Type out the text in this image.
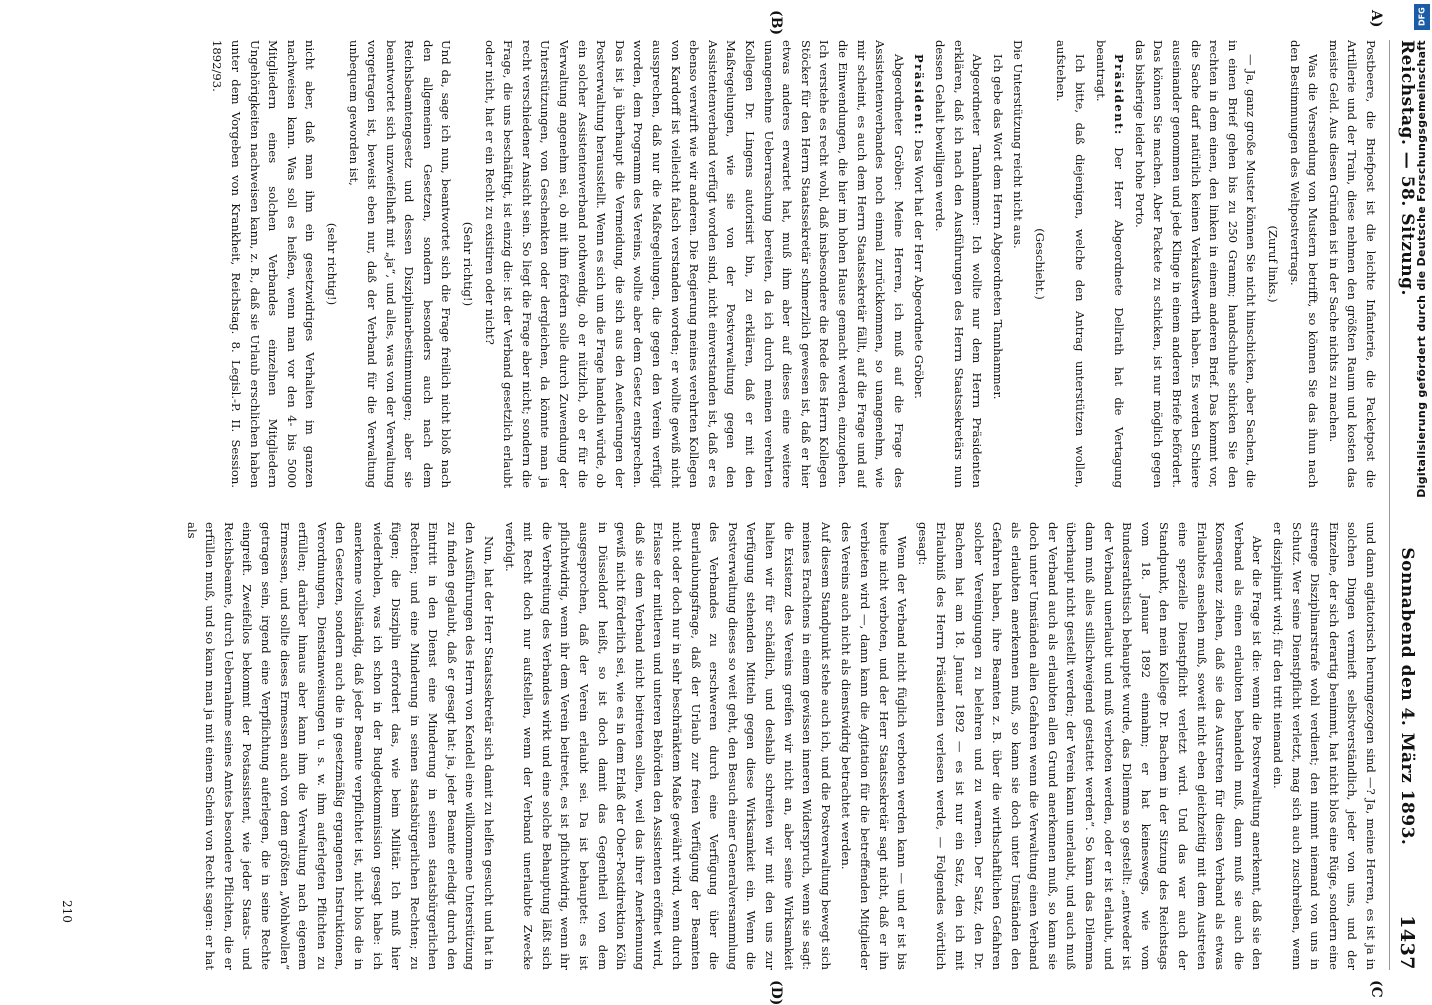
Reichstag. — 58. Sitzung.
Sonnabend den 4. März 1893.
1437

Postbeere, die Briefpost ist die leichte Infanterie, die Packetpost die Artillerie und der Train, diese nehmen den größten Raum und kosten das meiste Geld. Aus diesen Gründen ist in der Sache nichts zu machen.

Was die Versendung von Mustern betrifft, so können Sie das ihun nach den Bestimmungen des Weltpostvertrags.

(Zuruf links.)

— Ja, ganz große Muster können Sie nicht hinschicken, aber Sachen, die in einen Brief gehen bis zu 250 Gramm; handschuhe schicken Sie den rechten in dem einen, den linken in einem anderen Brief. Das kommt vor, die Sache darf natürlich keinen Verkaufswerth haben. Es werden Schiere auseinander genommen und jede Klinge in einem anderen Briefe befördert. Das können Sie machen. Aber Packete zu schicken, ist nur möglich gegen das bisherige leider hohe Porto.

Präsident: Der Herr Abgeordnete Dellrath hat die Vertagung beantragt.

Ich bitte, daß diejenigen, welche den Antrag unterstützen wollen, aufstehen.

(Geschieht.)

Die Unterstützung reicht nicht aus.

Ich gebe das Wort dem Herrn Abgeordneten Tannhammer.

Abgeordneter Tannhammer: Ich wollte nur dem Herrn Präsidenten erklären, daß ich nach den Ausführungen des Herrn Staatssekretärs nun dessen Gehalt bewilligen werde.

Präsident: Das Wort hat der Herr Abgeordnete Gröber.

Abgeordneter Gröber: Meine Herren, ich muß auf die Frage des Assistentenverbandes noch einmal zurückkommen, so unangenehm, wie mir scheint, es auch dem Herrn Staatssekretär fällt, auf die Frage und auf die Einwendungen, die hier im hohen Hause gemacht werden, einzugehen. Ich verstehe es recht wohl, daß insbesondere die Rede des Herrn Kollegen Stöcker für den Herrn Staatssekretär schmerzlich gewesen ist, daß er hier etwas anderes erwartet hat, muß ihm aber auf dieses eine weitere unangenehme Ueberraschung bereiten, da ich durch meinen verehrten Kollegen Dr. Lingens autorisirt bin, zu erklären, daß er mit den Maßregelungen, wie sie von der Postverwaltung gegen den Assistentenverband verfügt worden sind, nicht einverstanden ist, daß er es ebenso verwirft wie wir anderen. Die Regierung meines verehrten Kollegen von Kardorff ist vielleicht falsch verstanden worden; er wollte gewiß nicht aussprechen, daß nur die Maßregelungen, die gegen den Verein verfügt worden, dem Programm des Vereins, wollte aber dem Gesetz entsprechen. Das ist ja überhaupt die Vermeidung, die sich aus den Aeußerungen der Postverwaltung herausstellt. Wenn es sich um die Frage handeln würde, ob ein solcher Assistentenverband nothwendig, ob er nützlich, ob er für die Verwaltung angenehm sei, ob mit ihm fördern solle durch Zuwendung der Unterstützungen, von Geschenkten oder dergleichen, da könnte man ja recht verschiedener Ansicht sein. So liegt die Frage aber nicht; sondern die Frage, die uns beschäftigt, ist einzig die: ist der Verband gesetzlich erlaubt oder nicht, hat er ein Recht zu existiren oder nicht?

(Sehr richtig!)

Und da, sage ich nun, beantwortet sich die Frage freilich nicht bloß nach den allgemeinen Gesetzen, sondern besonders auch nach dem Reichsbeamtengesetz und dessen Disziplinarbestimmungen; aber sie beantwortet sich unzweifelhaft mit „ja“, und alles, was von der Verwaltung vorgetragen ist, beweist eben nur, daß der Verband für die Verwaltung unbequem geworden ist,

(sehr richtig!)

nicht aber, daß man ihm ein gesetzwidriges Verhalten im ganzen nachweisen kann. Was soll es heißen, wenn man vor den 4- bis 5000 Mitgliedern eines solchen Verbandes einzelnen Mitgliedern Ungehörigkeiten nachweisen kann, z. B., daß sie Urlaub erschlichen haben unter dem Vorgeben von Krankheit, Reichstag. 8. Legisl.-P. II. Session. 1892/93.

und dann agitatorisch herumgezogen sind —? Ja, meine Herren, es ist ja in solchen Dingen vermieft selbstverständlich, jeder von uns, und der Einzelne, der sich derartig benimmt, hat nicht blos eine Rüge, sondern eine strenge Disziplinarstrafe wohl verdient; den nimmt niemand von uns in Schutz. Wer seine Dienstpflicht verletzt, mag sich auch zuschreiben, wenn er disziplinirt wird; für den tritt niemand ein.

Aber die Frage ist die: wenn die Postverwaltung anerkennt, daß sie den Verband als einen erlaubten behandeln muß, dann muß sie auch die Konsequenz ziehen, daß sie das Austreten für diesen Verband als etwas Erlaubtes ansehen muß, soweit nicht eben gleichzeitig mit dem Austreten eine spezielle Dienstpflicht verletzt wird. Und das war auch der Standpunkt, den mein Kollege Dr. Bachem in der Sitzung des Reichstags vom 18. Januar 1892 einnahm; er hat keineswegs, wie vom Bundesrathstisch behauptet wurde, das Dilemma so gestellt: „entweder ist der Verband unerlaubt und muß verboten werden, oder er ist erlaubt, und dann muß alles stillschweigend gestattet werden“. So kann das Dilemma überhaupt nicht gestellt werden; der Verein kann unerlaubt, und auch muß der Verband auch als erlaubten allen Grund anerkennen muß, so kann sie doch unter Umständen allen Gefahren wenn die Verwaltung einen Verband als erlaubten anerkennen muß, so kann sie doch unter Umständen den Gefahren haben, ihre Beamten z. B. über die wirthschaftlichen Gefahren solcher Vereinigungen zu belehren und zu warnen. Der Satz, den Dr. Bachem hat am 18. Januar 1892 — es ist nur ein Satz, den ich mit Erlaubniß des Herrn Präsidenten verlesen werde, — Folgendes wörtlich gesagt:

Wenn der Verband nicht füglich verboten werden kann — und er ist bis heute nicht verboten, und der Herr Staatssekretär sagt nicht, daß er ihn verbieten wird —, dann kann die Agitation für die betreffenden Mitglieder des Vereins auch nicht als dienstwidrig betrachtet werden.

Auf diesem Standpunkt stehe auch ich, und die Postverwaltung bewegt sich meines Erachtens in einem gewissen inneren Widerspruch, wenn sie sagt: die Existenz des Vereins greifen wir nicht an, aber seine Wirksamkeit halten wir für schädlich, und deshalb schreiten wir mit den uns zur Verfügung stehenden Mitteln gegen diese Wirksamkeit ein. Wenn die Postverwaltung dieses so weit geht, den Besuch einer Generalversammlung des Verbandes zu erschweren durch eine Verfügung über die Beurlaubungsfrage, daß der Urlaub zur freien Verfügung der Beamten nicht oder doch nur in sehr beschränktem Maße gewährt wird, wenn durch Erlasse der mittleren und unteren Behörden den Assistenten eröffnet wird, daß sie dem Verband nicht beitreten sollen, weil das ihrer Anerkennung gewiß nicht förderlich sei, wie es in dem Erlaß der Ober-Postdirektion Köln in Düsseldorf heißt, so ist doch damit das Gegentheil von dem ausgesprochen, daß der Verein erlaubt sei. Da ist behauptet: es ist pflichtwidrig, wenn ihr dem Verein beitretet, es ist pflichtwidrig, wenn ihr die Verbreitung des Verbandes wirkt und eine solche Behauptung läßt sich mit Recht doch nur aufstellen, wenn der Verband unerlaubte Zwecke verfolgt.

Nun, hat der Herr Staatssekretär sich damit zu helfen gesucht und hat in den Ausführungen des Herrn von Kendell eine willkommene Unterstützung zu finden geglaubt, daß er gesagt hat: ja, jeder Beamte erledigt durch den Eintritt in den Dienst eine Minderung in seinen staatsbürgerlichen Rechten; und eine Minderung in seinen staatsbürgerlichen Rechten; zu fügen; die Disziplin erfordert das, wie beim Militär. Ich muß hier wiederholen, was ich schon in der Budgetkommission gesagt habe: ich anerkenne vollständig, daß jeder Beamte verpflichtet ist, nicht blos die in den Gesetzen, sondern auch die in gesetzmäßig ergangenen Instruktionen, Verordnungen, Dienstanweisungen u. s. w. ihm auferlegten Pflichten zu erfüllen; darüber hinaus aber kann ihm die Verwaltung nach eigenem Ermessen, und sollte dieses Ermessen auch von dem größten „Wohlwollen“ getragen sein, irgend eine Verpflichtung auferlegen, die in seine Rechte eingreift. Zweifellos bekommt der Postassistent, wie jeder Staats- und Reichsbeamte, durch Uebernahme seines Amtes besondere Pflichten, die er erfüllen muß, und so kann man ja mit einem Schein von Recht sagen: er hat als

A)
(B)
(C
(D)
210
DFG
Digitalisierung gefördert durch die Deutsche Forschungsgemeinschaft
